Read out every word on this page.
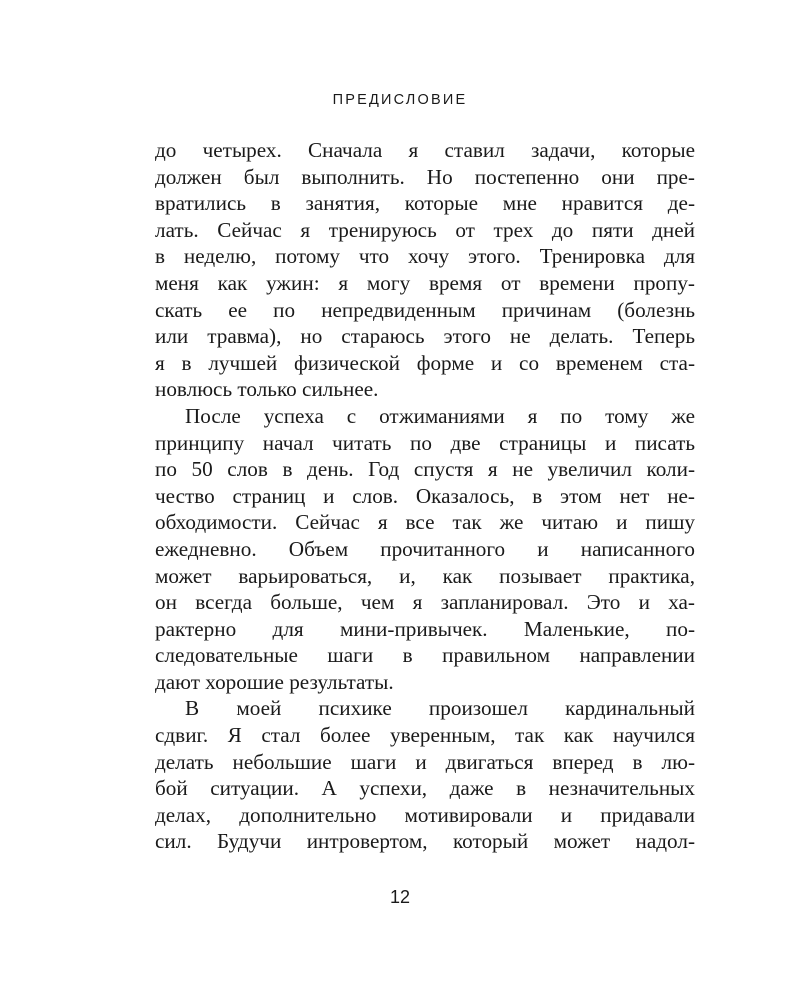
ПРЕДИСЛОВИЕ
до четырех. Сначала я ставил задачи, которые
должен был выполнить. Но постепенно они пре-
вратились в занятия, которые мне нравится де-
лать. Сейчас я тренируюсь от трех до пяти дней
в неделю, потому что хочу этого. Тренировка для
меня как ужин: я могу время от времени пропу-
скать ее по непредвиденным причинам (болезнь
или травма), но стараюсь этого не делать. Теперь
я в лучшей физической форме и со временем ста-
новлюсь только сильнее.
После успеха с отжиманиями я по тому же
принципу начал читать по две страницы и писать
по 50 слов в день. Год спустя я не увеличил коли-
чество страниц и слов. Оказалось, в этом нет не-
обходимости. Сейчас я все так же читаю и пишу
ежедневно. Объем прочитанного и написанного
может варьироваться, и, как позывает практика,
он всегда больше, чем я запланировал. Это и ха-
рактерно для мини-привычек. Маленькие, по-
следовательные шаги в правильном направлении
дают хорошие результаты.
В моей психике произошел кардинальный
сдвиг. Я стал более уверенным, так как научился
делать небольшие шаги и двигаться вперед в лю-
бой ситуации. А успехи, даже в незначительных
делах, дополнительно мотивировали и придавали
сил. Будучи интровертом, который может надол-
12
